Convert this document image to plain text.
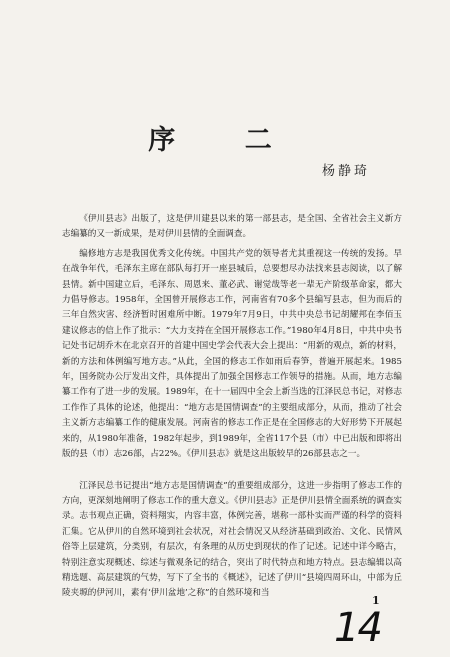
序 二
杨静琦

《伊川县志》出版了，这是伊川建县以来的第一部县志，是全国、全省社会主义新方志编纂的又一新成果，是对伊川县情的全面调查。

编修地方志是我国优秀文化传统。中国共产党的领导者尤其重视这一传统的发扬。早在战争年代，毛泽东主席在部队每打开一座县城后，总要想尽办法找来县志阅读，以了解县情。新中国建立后，毛泽东、周恩来、董必武、谢觉哉等老一辈无产阶级革命家，都大力倡导修志。1958年，全国曾开展修志工作，河南省有70多个县编写县志，但为而后的三年自然灾害、经济暂时困难所中断。1979年7月9日，中共中央总书记胡耀邦在李佰玉建议修志的信上作了批示：“大力支持在全国开展修志工作。”1980年4月8日，中共中央书记处书记胡乔木在北京召开的首建中国史学会代表大会上提出：“用新的观点，新的材料，新的方法和体例编写地方志。”从此，全国的修志工作如雨后春笋，普遍开展起来。1985年，国务院办公厅发出文件，具体提出了加强全国修志工作领导的措施。从而，地方志编纂工作有了进一步的发展。1989年，在十一届四中全会上新当选的江泽民总书记，对修志工作作了具体的论述，他提出：“地方志是国情调查”的主要组成部分，从而，推动了社会主义新方志编纂工作的健康发展。河南省的修志工作正是在全国修志的大好形势下开展起来的，从1980年准备，1982年起步，到1989年，全省117个县（市）中已出版和即将出版的县（市）志26部，占22%。《伊川县志》就是这出版较早的26部县志之一。

江泽民总书记提出“地方志是国情调查”的重要组成部分，这进一步指明了修志工作的方向，更深刻地阐明了修志工作的重大意义。《伊川县志》正是伊川县情全面系统的调查实录。志书观点正确，资料翔实，内容丰富，体例完善，堪称一部朴实而严谨的科学的资料汇集。它从伊川的自然环境到社会状况，对社会情况又从经济基础到政治、文化、民情风俗等上层建筑，分类别，有层次，有条理的从历史到现状的作了记述。记述中详今略古，特别注意实现概述、综述与微观条记的结合，突出了时代特点和地方特点。县志编辑以高精选题、高层建筑的气势，写下了全书的《概述》，记述了伊川“县境四周环山，中部为丘陵夹塬的伊河川，素有‘伊川盆地’之称”的自然环境和当

1
14
